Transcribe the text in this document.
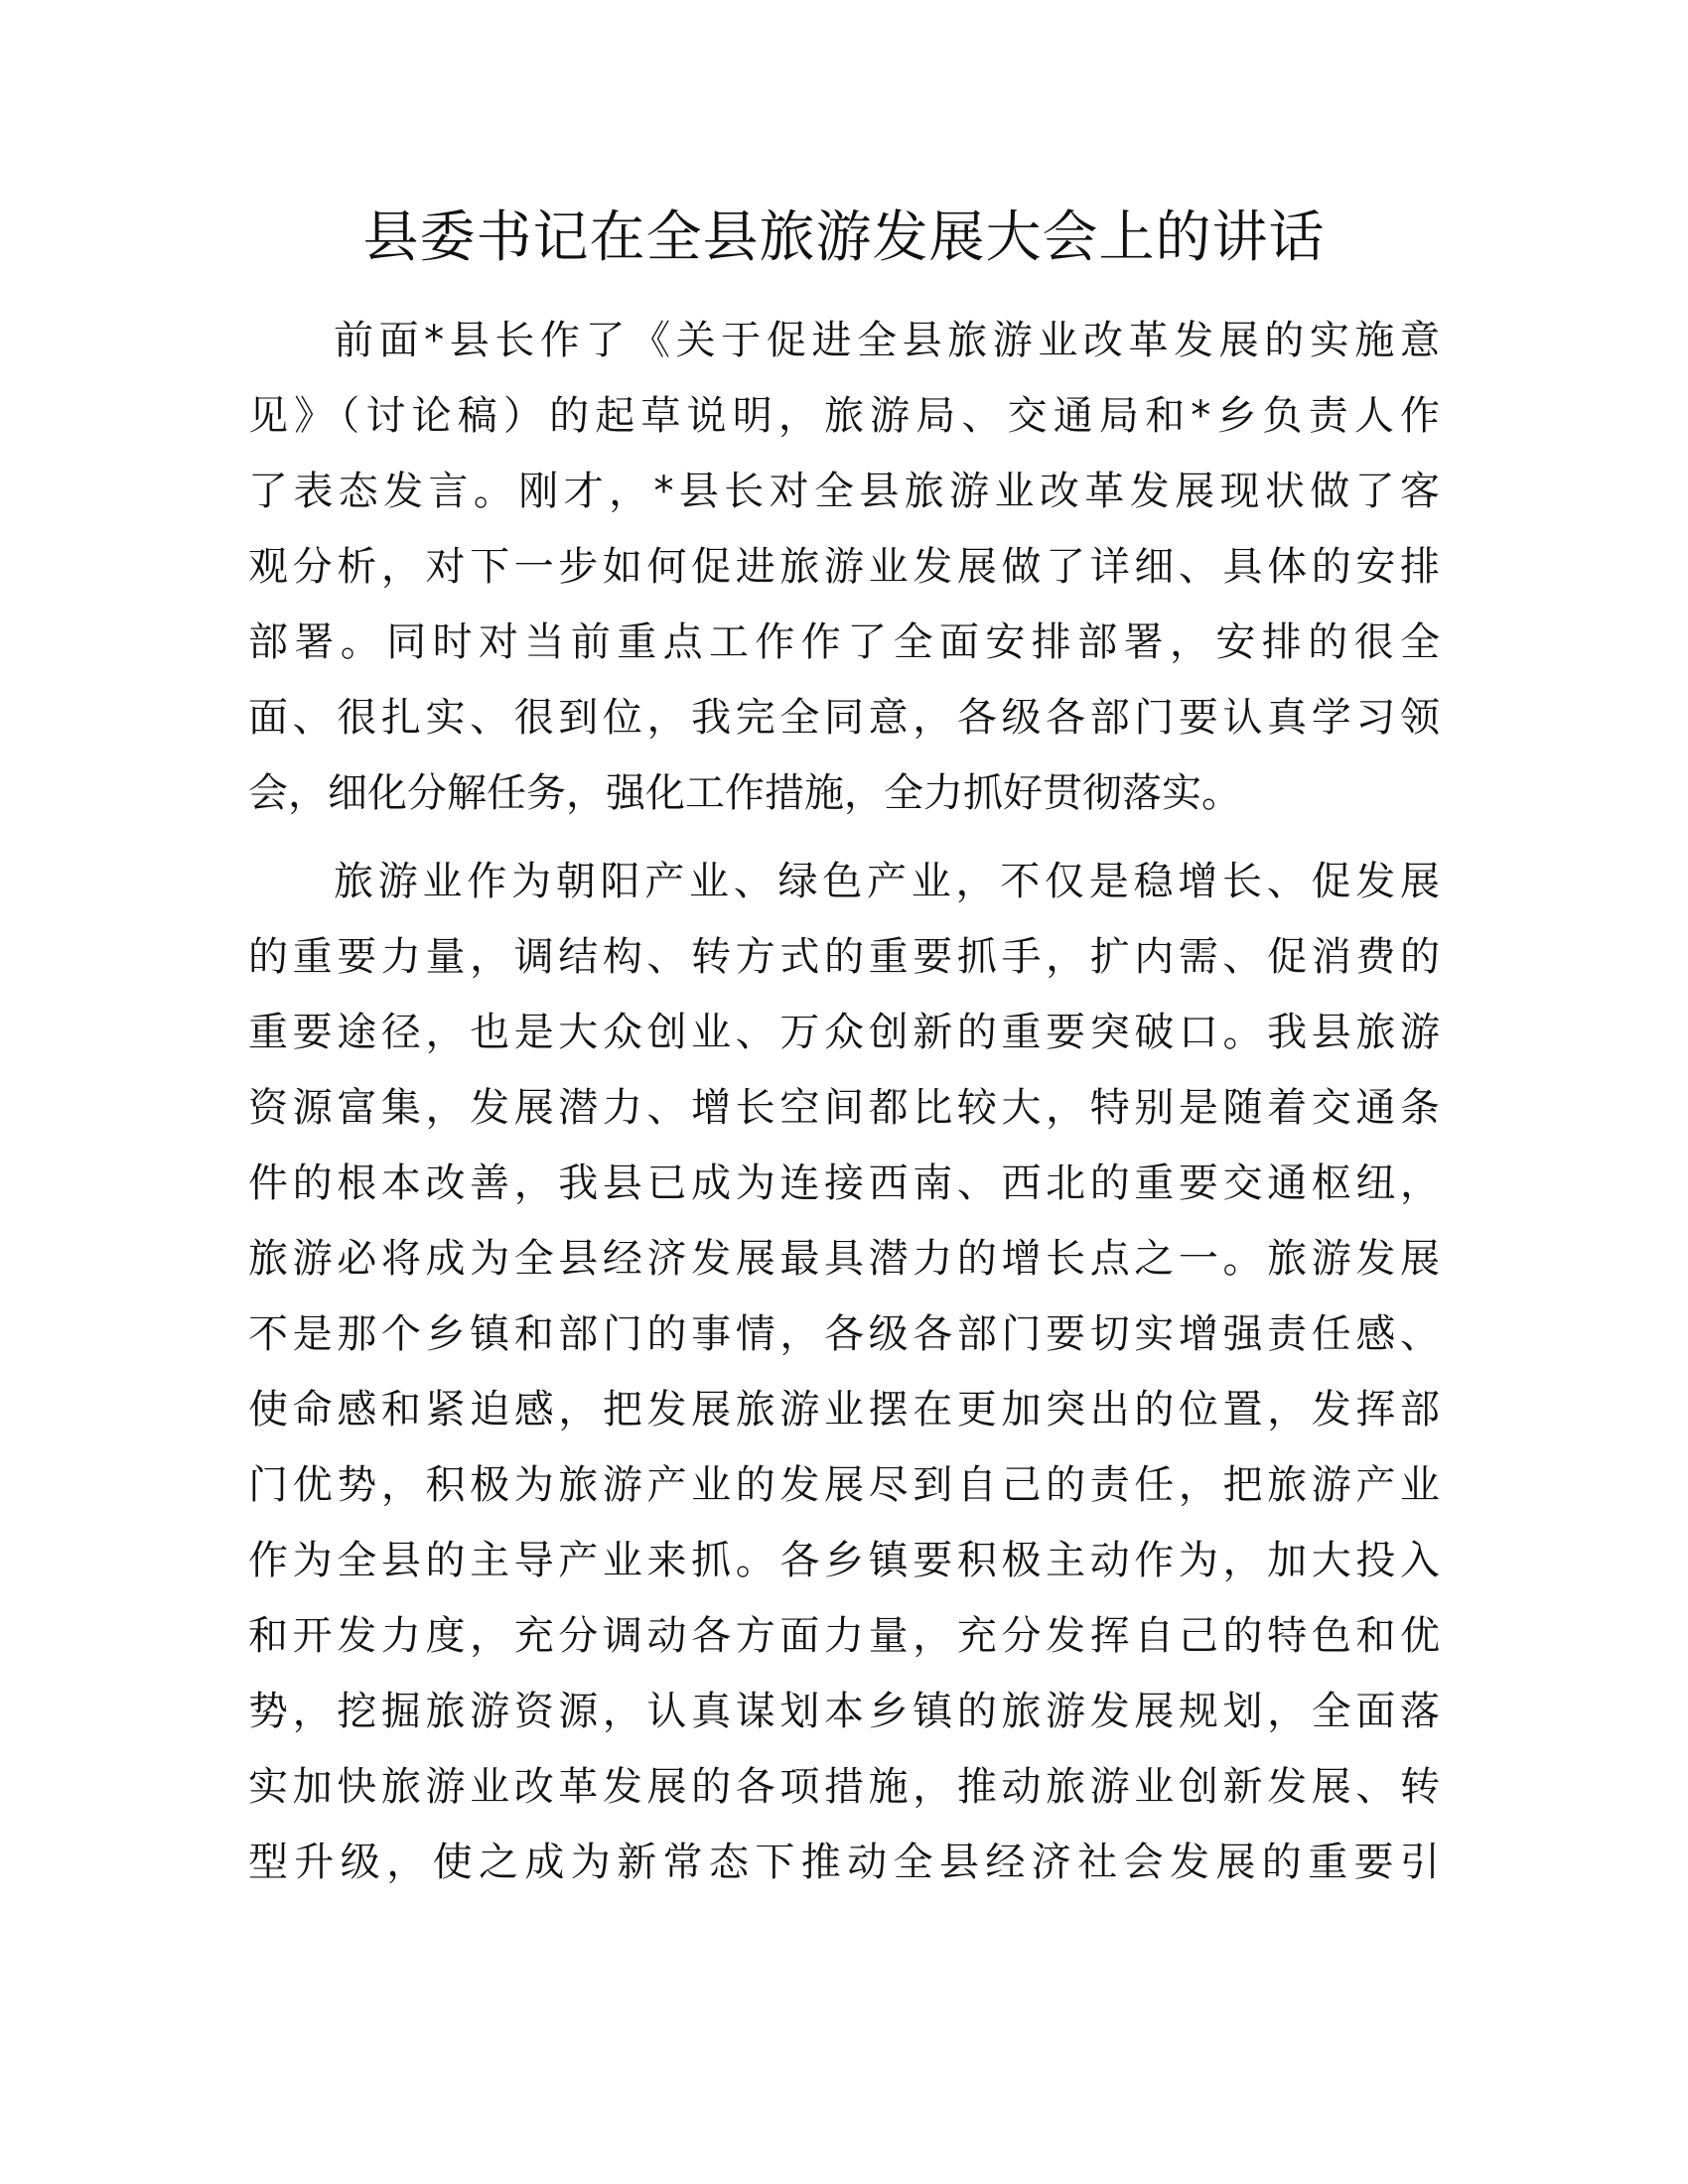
县委书记在全县旅游发展大会上的讲话
前面*县长作了《关于促进全县旅游业改革发展的实施意
见》（讨论稿）的起草说明，旅游局、交通局和*乡负责人作
了表态发言。刚才，*县长对全县旅游业改革发展现状做了客
观分析，对下一步如何促进旅游业发展做了详细、具体的安排
部署。同时对当前重点工作作了全面安排部署，安排的很全
面、很扎实、很到位，我完全同意，各级各部门要认真学习领
会，细化分解任务，强化工作措施，全力抓好贯彻落实。
旅游业作为朝阳产业、绿色产业，不仅是稳增长、促发展
的重要力量，调结构、转方式的重要抓手，扩内需、促消费的
重要途径，也是大众创业、万众创新的重要突破口。我县旅游
资源富集，发展潜力、增长空间都比较大，特别是随着交通条
件的根本改善，我县已成为连接西南、西北的重要交通枢纽，
旅游必将成为全县经济发展最具潜力的增长点之一。旅游发展
不是那个乡镇和部门的事情，各级各部门要切实增强责任感、
使命感和紧迫感，把发展旅游业摆在更加突出的位置，发挥部
门优势，积极为旅游产业的发展尽到自己的责任，把旅游产业
作为全县的主导产业来抓。各乡镇要积极主动作为，加大投入
和开发力度，充分调动各方面力量，充分发挥自己的特色和优
势，挖掘旅游资源，认真谋划本乡镇的旅游发展规划，全面落
实加快旅游业改革发展的各项措施，推动旅游业创新发展、转
型升级，使之成为新常态下推动全县经济社会发展的重要引
